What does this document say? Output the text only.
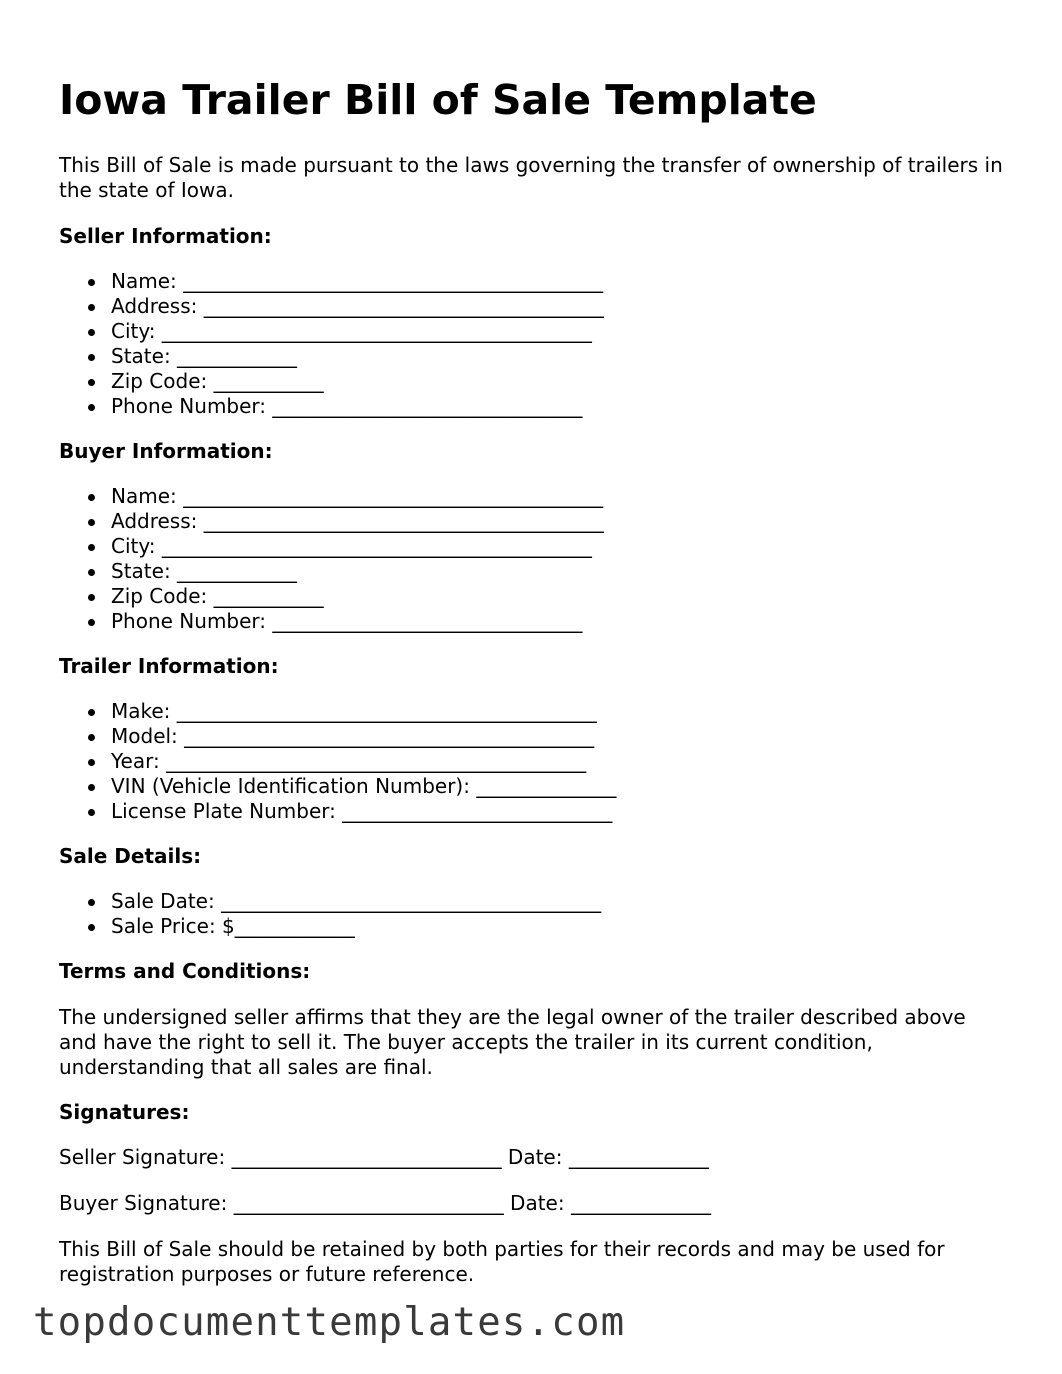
Iowa Trailer Bill of Sale Template

This Bill of Sale is made pursuant to the laws governing the transfer of ownership of trailers in the state of Iowa.

Seller Information:
Name: __________________________________________
Address: ________________________________________
City: ___________________________________________
State: ____________
Zip Code: ___________
Phone Number: _______________________________
Buyer Information:
Name: __________________________________________
Address: ________________________________________
City: ___________________________________________
State: ____________
Zip Code: ___________
Phone Number: _______________________________
Trailer Information:
Make: __________________________________________
Model: _________________________________________
Year: __________________________________________
VIN (Vehicle Identification Number): ______________
License Plate Number: ___________________________
Sale Details:
Sale Date: ______________________________________
Sale Price: $____________
Terms and Conditions:

The undersigned seller affirms that they are the legal owner of the trailer described above and have the right to sell it. The buyer accepts the trailer in its current condition, understanding that all sales are final.

Signatures:
Seller Signature: ___________________________ Date: ______________
Buyer Signature: ___________________________ Date: ______________

This Bill of Sale should be retained by both parties for their records and may be used for registration purposes or future reference.

topdocumenttemplates.com
